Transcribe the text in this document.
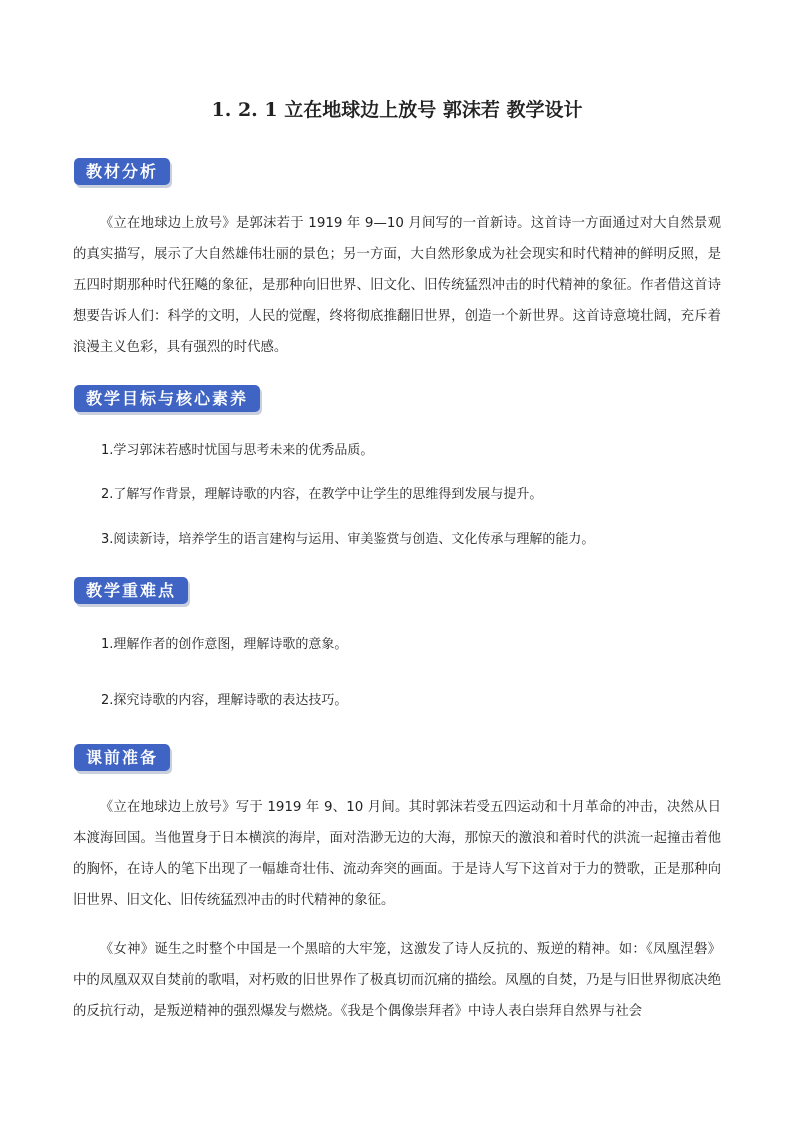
1. 2. 1 立在地球边上放号 郭沫若 教学设计
教材分析
《立在地球边上放号》是郭沫若于 1919 年 9—10 月间写的一首新诗。这首诗一方面通过对大自然景观的真实描写，展示了大自然雄伟壮丽的景色；另一方面，大自然形象成为社会现实和时代精神的鲜明反照，是五四时期那种时代狂飚的象征，是那种向旧世界、旧文化、旧传统猛烈冲击的时代精神的象征。作者借这首诗想要告诉人们：科学的文明，人民的觉醒，终将彻底推翻旧世界，创造一个新世界。这首诗意境壮阔，充斥着浪漫主义色彩，具有强烈的时代感。
教学目标与核心素养
1.学习郭沫若感时忧国与思考未来的优秀品质。
2.了解写作背景，理解诗歌的内容，在教学中让学生的思维得到发展与提升。
3.阅读新诗，培养学生的语言建构与运用、审美鉴赏与创造、文化传承与理解的能力。
教学重难点
1.理解作者的创作意图，理解诗歌的意象。
2.探究诗歌的内容，理解诗歌的表达技巧。
课前准备
《立在地球边上放号》写于 1919 年 9、10 月间。其时郭沫若受五四运动和十月革命的冲击，决然从日本渡海回国。当他置身于日本横滨的海岸，面对浩渺无边的大海，那惊天的激浪和着时代的洪流一起撞击着他的胸怀，在诗人的笔下出现了一幅雄奇壮伟、流动奔突的画面。于是诗人写下这首对于力的赞歌，正是那种向旧世界、旧文化、旧传统猛烈冲击的时代精神的象征。
《女神》诞生之时整个中国是一个黑暗的大牢笼，这激发了诗人反抗的、叛逆的精神。如：《凤凰涅磐》中的凤凰双双自焚前的歌唱，对朽败的旧世界作了极真切而沉痛的描绘。凤凰的自焚，乃是与旧世界彻底决绝的反抗行动，是叛逆精神的强烈爆发与燃烧。《我是个偶像崇拜者》中诗人表白崇拜自然界与社会
